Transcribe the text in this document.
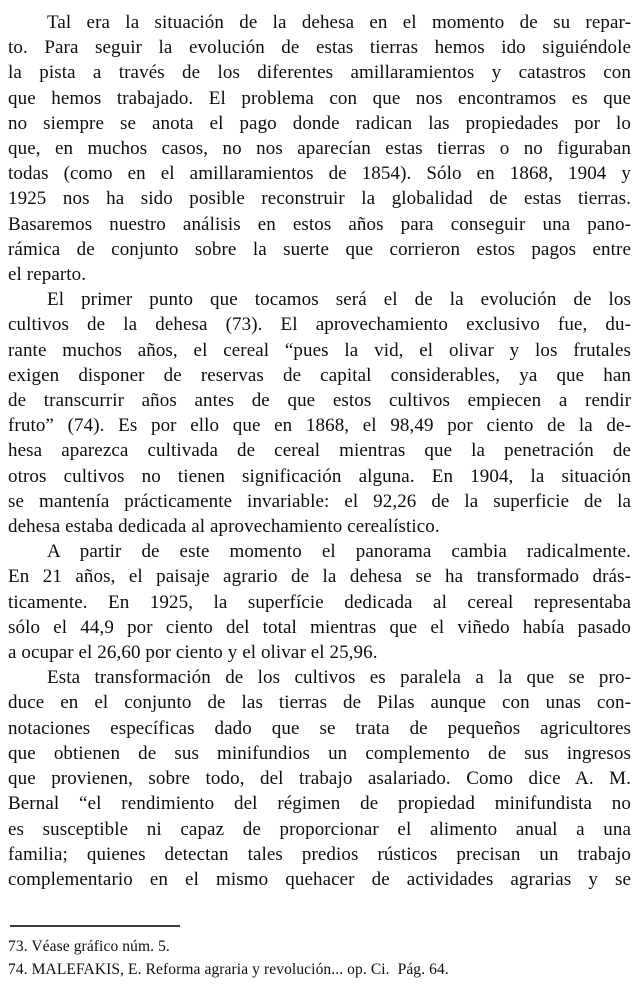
Tal era la situación de la dehesa en el momento de su repar-
to. Para seguir la evolución de estas tierras hemos ido siguiéndole
la pista a través de los diferentes amillaramientos y catastros con
que hemos trabajado. El problema con que nos encontramos es que
no siempre se anota el pago donde radican las propiedades por lo
que, en muchos casos, no nos aparecían estas tierras o no figuraban
todas (como en el amillaramientos de 1854). Sólo en 1868, 1904 y
1925 nos ha sido posible reconstruir la globalidad de estas tierras.
Basaremos nuestro análisis en estos años para conseguir una pano-
rámica de conjunto sobre la suerte que corrieron estos pagos entre
el reparto.
El primer punto que tocamos será el de la evolución de los
cultivos de la dehesa (73). El aprovechamiento exclusivo fue, du-
rante muchos años, el cereal “pues la vid, el olivar y los frutales
exigen disponer de reservas de capital considerables, ya que han
de transcurrir años antes de que estos cultivos empiecen a rendir
fruto” (74). Es por ello que en 1868, el 98,49 por ciento de la de-
hesa aparezca cultivada de cereal mientras que la penetración de
otros cultivos no tienen significación alguna. En 1904, la situación
se mantenía prácticamente invariable: el 92,26 de la superficie de la
dehesa estaba dedicada al aprovechamiento cerealístico.
A partir de este momento el panorama cambia radicalmente.
En 21 años, el paisaje agrario de la dehesa se ha transformado drás-
ticamente. En 1925, la superfície dedicada al cereal representaba
sólo el 44,9 por ciento del total mientras que el viñedo había pasado
a ocupar el 26,60 por ciento y el olivar el 25,96.
Esta transformación de los cultivos es paralela a la que se pro-
duce en el conjunto de las tierras de Pilas aunque con unas con-
notaciones específicas dado que se trata de pequeños agricultores
que obtienen de sus minifundios un complemento de sus ingresos
que provienen, sobre todo, del trabajo asalariado. Como dice A. M.
Bernal “el rendimiento del régimen de propiedad minifundista no
es susceptible ni capaz de proporcionar el alimento anual a una
familia; quienes detectan tales predios rústicos precisan un trabajo
complementario en el mismo quehacer de actividades agrarias y se
73. Véase gráfico núm. 5.
74. MALEFAKIS, E. Reforma agraria y revolución... op. Ci.  Pág. 64.
